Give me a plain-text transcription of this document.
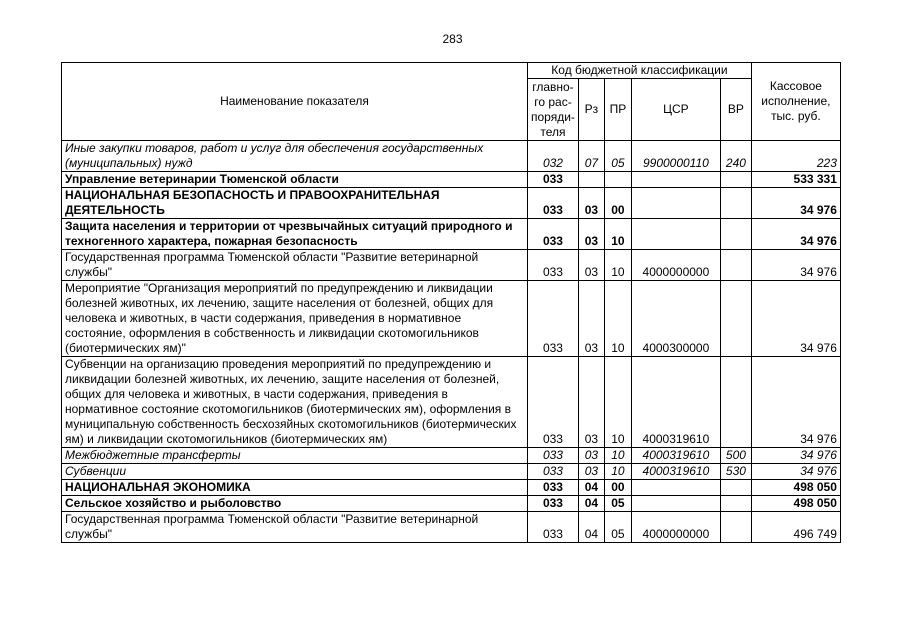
283
Наименование показателя	Код бюджетной классификации					Кассовое исполнение, тыс. руб.
	главно-го рас-поряди-теля	Рз	ПР	ЦСР	ВР	
Иные закупки товаров, работ и услуг для обеспечения государственных (муниципальных) нужд	032	07	05	9900000110	240	223
Управление ветеринарии Тюменской области	033					533 331
НАЦИОНАЛЬНАЯ БЕЗОПАСНОСТЬ И ПРАВООХРАНИТЕЛЬНАЯ ДЕЯТЕЛЬНОСТЬ	033	03	00			34 976
Защита населения и территории от чрезвычайных ситуаций природного и техногенного характера, пожарная безопасность	033	03	10			34 976
Государственная программа Тюменской области "Развитие ветеринарной службы"	033	03	10	4000000000		34 976
Мероприятие "Организация мероприятий по предупреждению и ликвидации болезней животных, их лечению, защите населения от болезней, общих для человека и животных, в части содержания, приведения в нормативное состояние, оформления в собственность и ликвидации скотомогильников (биотермических ям)"	033	03	10	4000300000		34 976
Субвенции на организацию проведения мероприятий по предупреждению и ликвидации болезней животных, их лечению, защите населения от болезней, общих для человека и животных, в части содержания, приведения в нормативное состояние скотомогильников (биотермических ям), оформления в муниципальную собственность бесхозяйных скотомогильников (биотермических ям) и ликвидации скотомогильников (биотермических ям)	033	03	10	4000319610		34 976
Межбюджетные трансферты	033	03	10	4000319610	500	34 976
Субвенции	033	03	10	4000319610	530	34 976
НАЦИОНАЛЬНАЯ ЭКОНОМИКА	033	04	00			498 050
Сельское хозяйство и рыболовство	033	04	05			498 050
Государственная программа Тюменской области "Развитие ветеринарной службы"	033	04	05	4000000000		496 749
